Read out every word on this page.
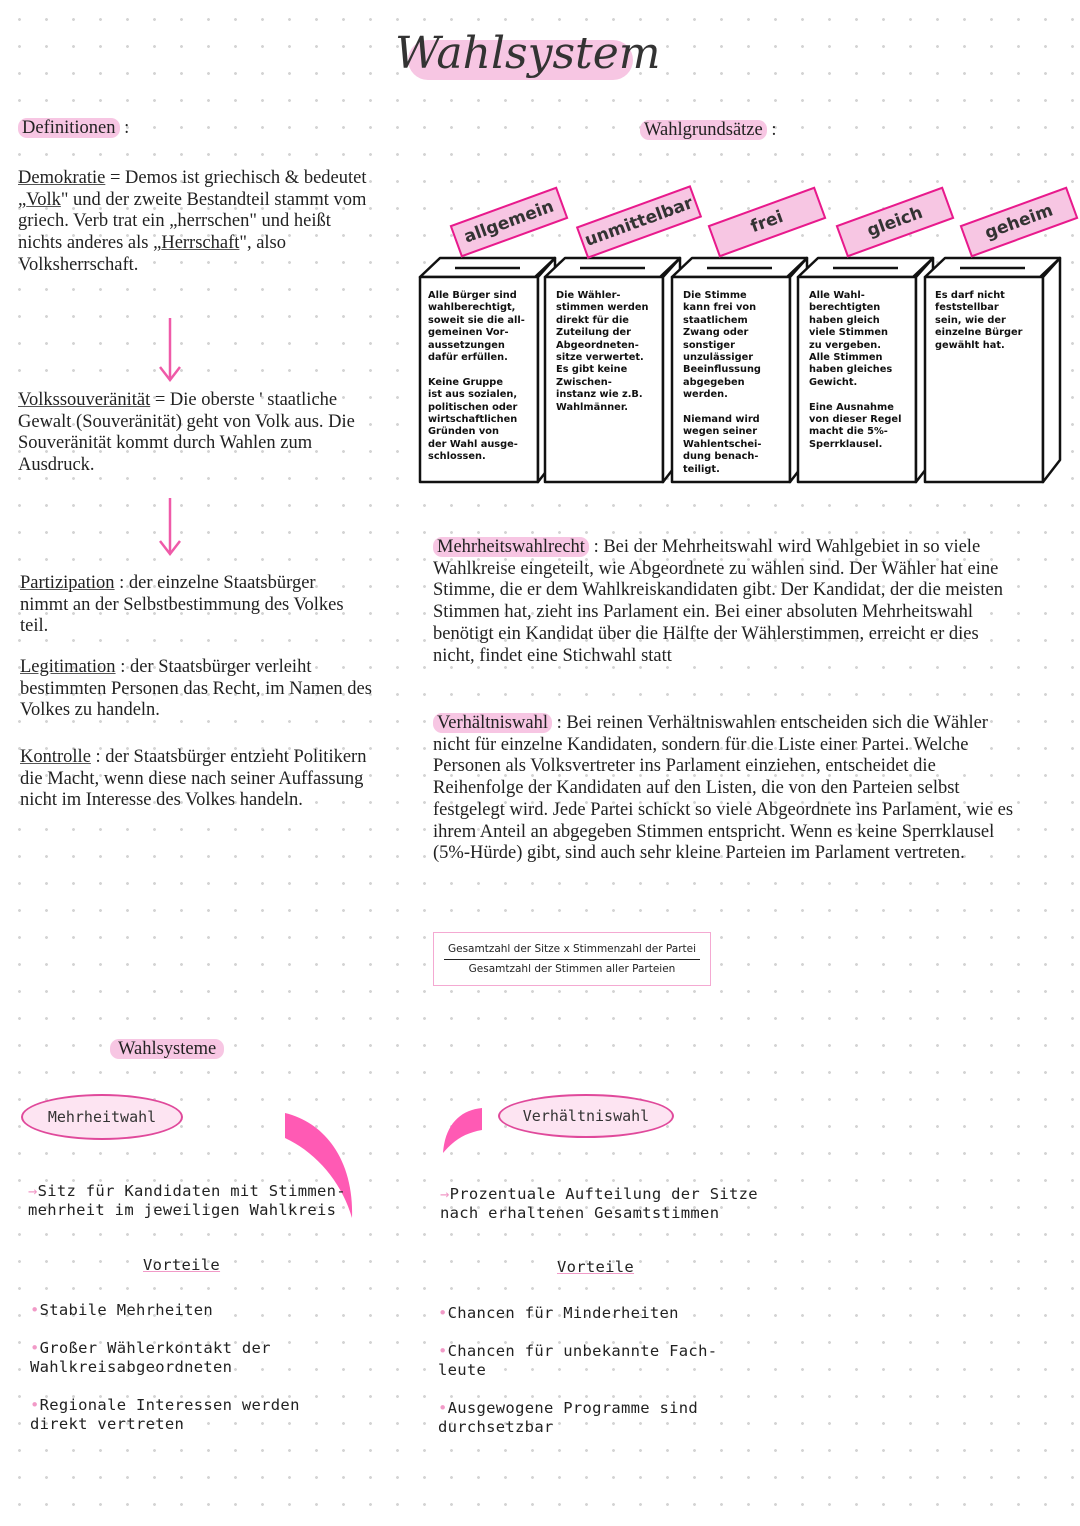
Wahlsystem
Definitionen :
Demokratie = Demos ist griechisch & bedeutet „Volk" und der zweite Bestandteil stammt vom griech. Verb trat ein „herrschen" und heißt nichts anderes als „Herrschaft", also Volksherrschaft.
Volkssouveränität = Die oberste ' staatliche Gewalt (Souveränität) geht von Volk aus. Die Souveränität kommt durch Wahlen zum Ausdruck.
Partizipation : der einzelne Staatsbürger nimmt an der Selbstbestimmung des Volkes teil.
Legitimation : der Staatsbürger verleiht bestimmten Personen das Recht, im Namen des Volkes zu handeln.
Kontrolle : der Staatsbürger entzieht Politikern die Macht, wenn diese nach seiner Auffassung nicht im Interesse des Volkes handeln.
Wahlgrundsätze :
allgemein	unmittelbar	frei	gleich	geheim
Alle Bürger sind
wahlberechtigt,
soweit sie die all-
gemeinen Vor-
aussetzungen
dafür erfüllen.

Keine Gruppe
ist aus sozialen,
politischen oder
wirtschaftlichen
Gründen von
der Wahl ausge-
schlossen.
Die Wähler-
stimmen werden
direkt für die
Zuteilung der
Abgeordneten-
sitze verwertet.
Es gibt keine
Zwischen-
instanz wie z.B.
Wahlmänner.
Die Stimme
kann frei von
staatlichem
Zwang oder
sonstiger
unzulässiger
Beeinflussung
abgegeben
werden.

Niemand wird
wegen seiner
Wahlentschei-
dung benach-
teiligt.
Alle Wahl-
berechtigten
haben gleich
viele Stimmen
zu vergeben.
Alle Stimmen
haben gleiches
Gewicht.

Eine Ausnahme
von dieser Regel
macht die 5%-
Sperrklausel.
Es darf nicht
feststellbar
sein, wie der
einzelne Bürger
gewählt hat.
Mehrheitswahlrecht : Bei der Mehrheitswahl wird Wahlgebiet in so viele Wahlkreise eingeteilt, wie Abgeordnete zu wählen sind. Der Wähler hat eine Stimme, die er dem Wahlkreiskandidaten gibt. Der Kandidat, der die meisten Stimmen hat, zieht ins Parlament ein. Bei einer absoluten Mehrheitswahl benötigt ein Kandidat über die Hälfte der Wählerstimmen, erreicht er dies nicht, findet eine Stichwahl statt
Verhältniswahl : Bei reinen Verhältniswahlen entscheiden sich die Wähler nicht für einzelne Kandidaten, sondern für die Liste einer Partei. Welche Personen als Volksvertreter ins Parlament einziehen, entscheidet die Reihenfolge der Kandidaten auf den Listen, die von den Parteien selbst festgelegt wird. Jede Partei schickt so viele Abgeordnete ins Parlament, wie es ihrem Anteil an abgegeben Stimmen entspricht. Wenn es keine Sperrklausel (5%-Hürde) gibt, sind auch sehr kleine Parteien im Parlament vertreten.
Gesamtzahl der Sitze x Stimmenzahl der Partei
Gesamtzahl der Stimmen aller Parteien
Wahlsysteme
Mehrheitwahl	Verhältniswahl

→Sitz für Kandidaten mit Stimmen-
mehrheit im jeweiligen Wahlkreis

→Prozentuale Aufteilung der Sitze
nach erhaltenen Gesamtstimmen

Vorteile

•Stabile Mehrheiten

•Großer Wählerkontakt der
Wahlkreisabgeordneten

•Regionale Interessen werden
direkt vertreten

Vorteile

•Chancen für Minderheiten

•Chancen für unbekannte Fach-
leute

•Ausgewogene Programme sind
durchsetzbar
